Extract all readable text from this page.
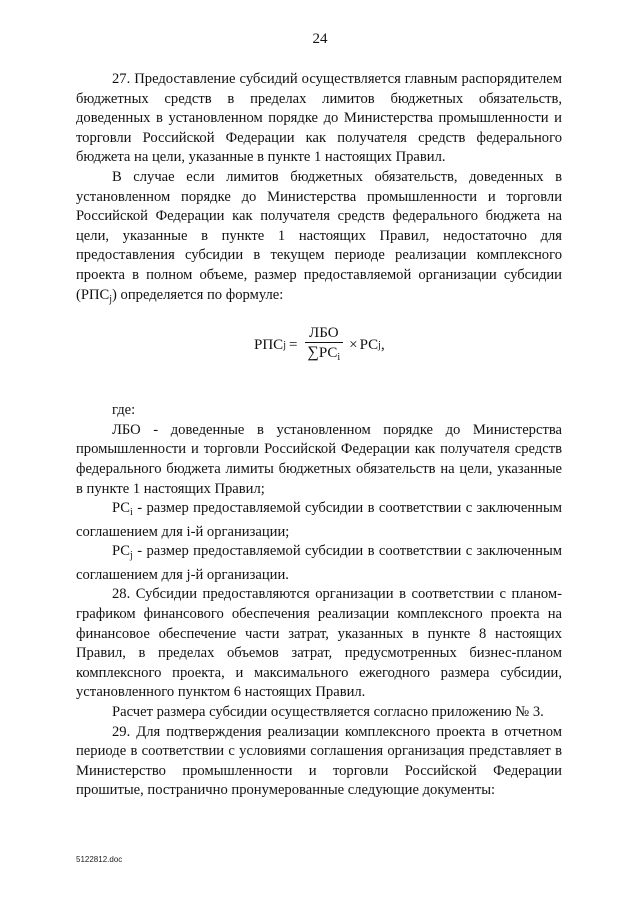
24

27. Предоставление субсидий осуществляется главным распорядителем бюджетных средств в пределах лимитов бюджетных обязательств, доведенных в установленном порядке до Министерства промышленности и торговли Российской Федерации как получателя средств федерального бюджета на цели, указанные в пункте 1 настоящих Правил.

В случае если лимитов бюджетных обязательств, доведенных в установленном порядке до Министерства промышленности и торговли Российской Федерации как получателя средств федерального бюджета на цели, указанные в пункте 1 настоящих Правил, недостаточно для предоставления субсидии в текущем периоде реализации комплексного проекта в полном объеме, размер предоставляемой организации субсидии $(РПС_j)$ определяется по формуле:

РПС $j = \frac{\text{ЛБО}}{\sum РС_i}$ × РС j ,

где:

ЛБО - доведенные в установленном порядке до Министерства промышленности и торговли Российской Федерации как получателя средств федерального бюджета лимиты бюджетных обязательств на цели, указанные в пункте 1 настоящих Правил;

$РС_i$ - размер предоставляемой субсидии в соответствии с заключенным соглашением для i-й организации;

$РС_j$ - размер предоставляемой субсидии в соответствии с заключенным соглашением для j-й организации.

28. Субсидии предоставляются организации в соответствии с планом-графиком финансового обеспечения реализации комплексного проекта на финансовое обеспечение части затрат, указанных в пункте 8 настоящих Правил, в пределах объемов затрат, предусмотренных бизнес-планом комплексного проекта, и максимального ежегодного размера субсидии, установленного пунктом 6 настоящих Правил.

Расчет размера субсидии осуществляется согласно приложению № 3.

29. Для подтверждения реализации комплексного проекта в отчетном периоде в соответствии с условиями соглашения организация представляет в Министерство промышленности и торговли Российской Федерации прошитые, постранично пронумерованные следующие документы:

5122812.doc
